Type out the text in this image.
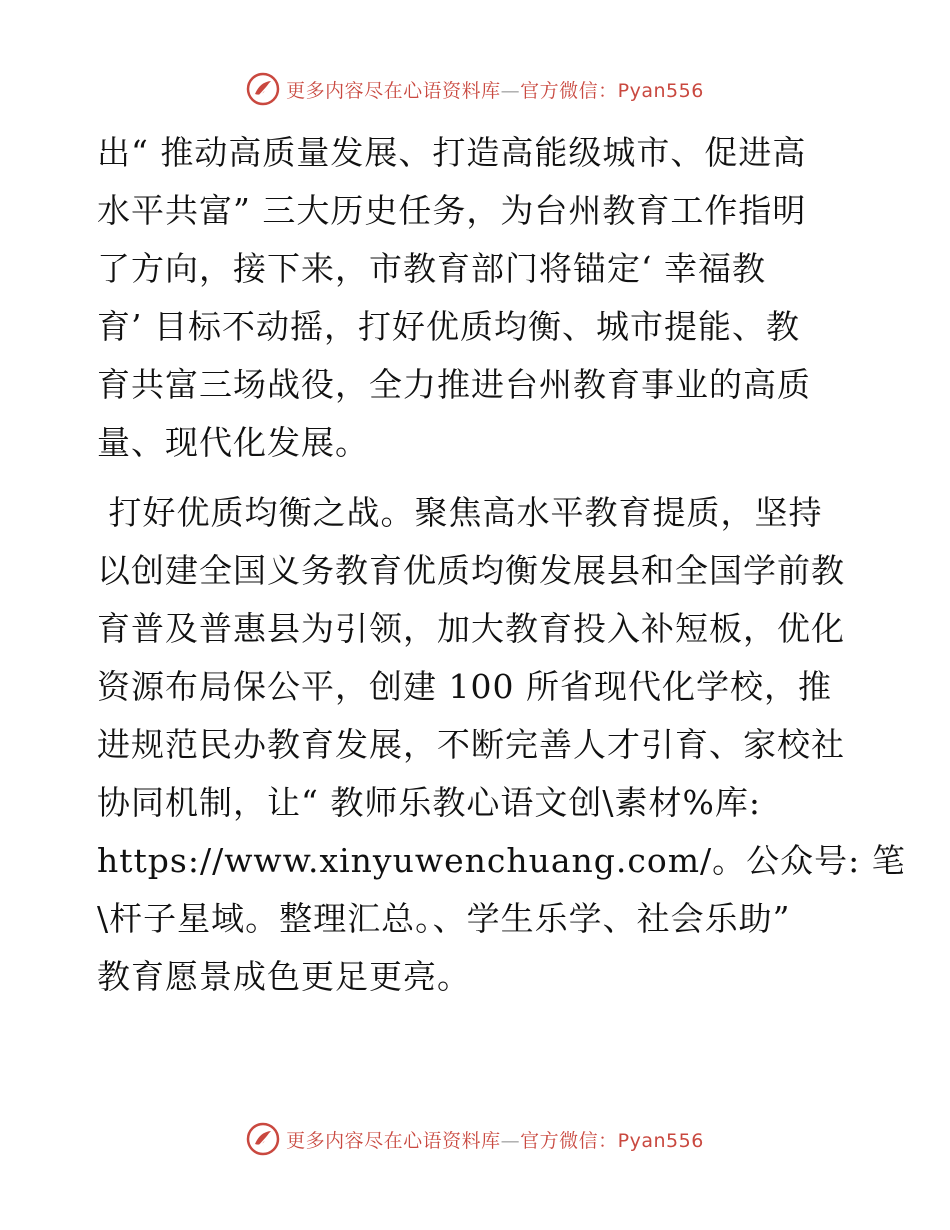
更多内容尽在心语资料库 — 官方微信：Pyan556
出“ 推动高质量发展、打造高能级城市、促进高
水平共富” 三大历史任务，为台州教育工作指明
了方向，接下来，市教育部门将锚定‘ 幸福教
育’ 目标不动摇，打好优质均衡、城市提能、教
育共富三场战役，全力推进台州教育事业的高质
量、现代化发展。
打好优质均衡之战。聚焦高水平教育提质，坚持
以创建全国义务教育优质均衡发展县和全国学前教
育普及普惠县为引领，加大教育投入补短板，优化
资源布局保公平，创建 100 所省现代化学校，推
进规范民办教育发展，不断完善人才引育、家校社
协同机制，让“ 教师乐教心语文创\素材%库:
https://www.xinyuwenchuang.com/。公众号: 笔
\杆子星域。整理汇总。、学生乐学、社会乐助”
教育愿景成色更足更亮。
更多内容尽在心语资料库 — 官方微信：Pyan556
